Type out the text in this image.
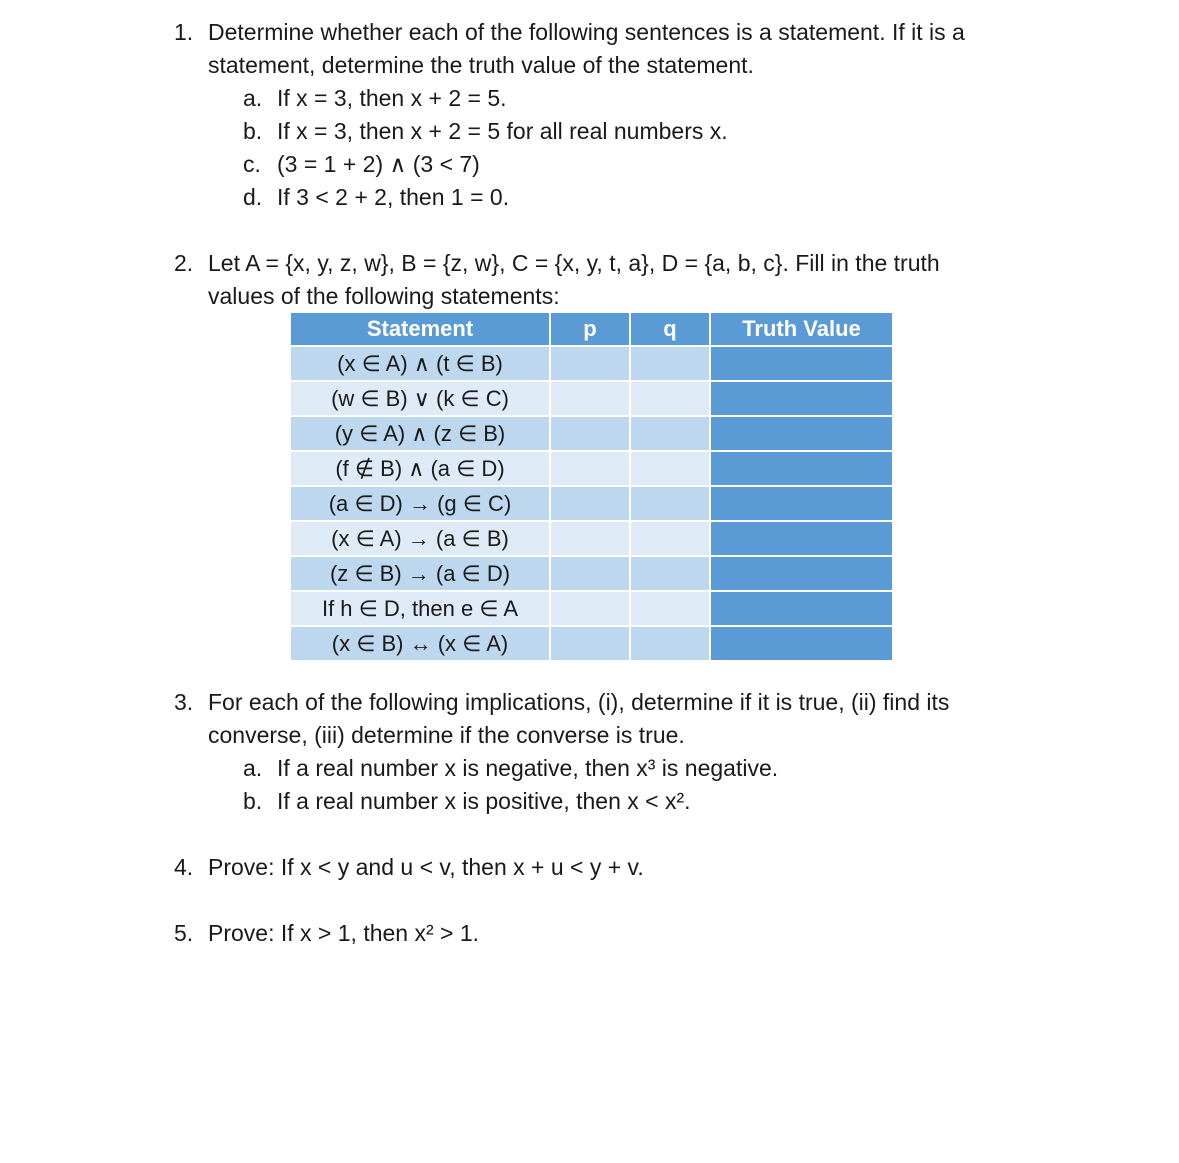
1. Determine whether each of the following sentences is a statement. If it is a
statement, determine the truth value of the statement.
a. If x = 3, then x + 2 = 5.
b. If x = 3, then x + 2 = 5 for all real numbers x.
c. (3 = 1 + 2) ∧ (3 < 7)
d. If 3 < 2 + 2, then 1 = 0.
2. Let A = {x, y, z, w}, B = {z, w}, C = {x, y, t, a}, D = {a, b, c}. Fill in the truth
values of the following statements:
Statement	p	q	Truth Value
(x ∈ A) ∧ (t ∈ B)			
(w ∈ B) ∨ (k ∈ C)			
(y ∈ A) ∧ (z ∈ B)			
(f ∉ B) ∧ (a ∈ D)			
(a ∈ D) → (g ∈ C)			
(x ∈ A) → (a ∈ B)			
(z ∈ B) → (a ∈ D)			
If h ∈ D, then e ∈ A			
(x ∈ B) ↔ (x ∈ A)			
3. For each of the following implications, (i), determine if it is true, (ii) find its
converse, (iii) determine if the converse is true.
a. If a real number x is negative, then x³ is negative.
b. If a real number x is positive, then x < x².
4. Prove: If x < y and u < v, then x + u < y + v.
5. Prove: If x > 1, then x² > 1.
